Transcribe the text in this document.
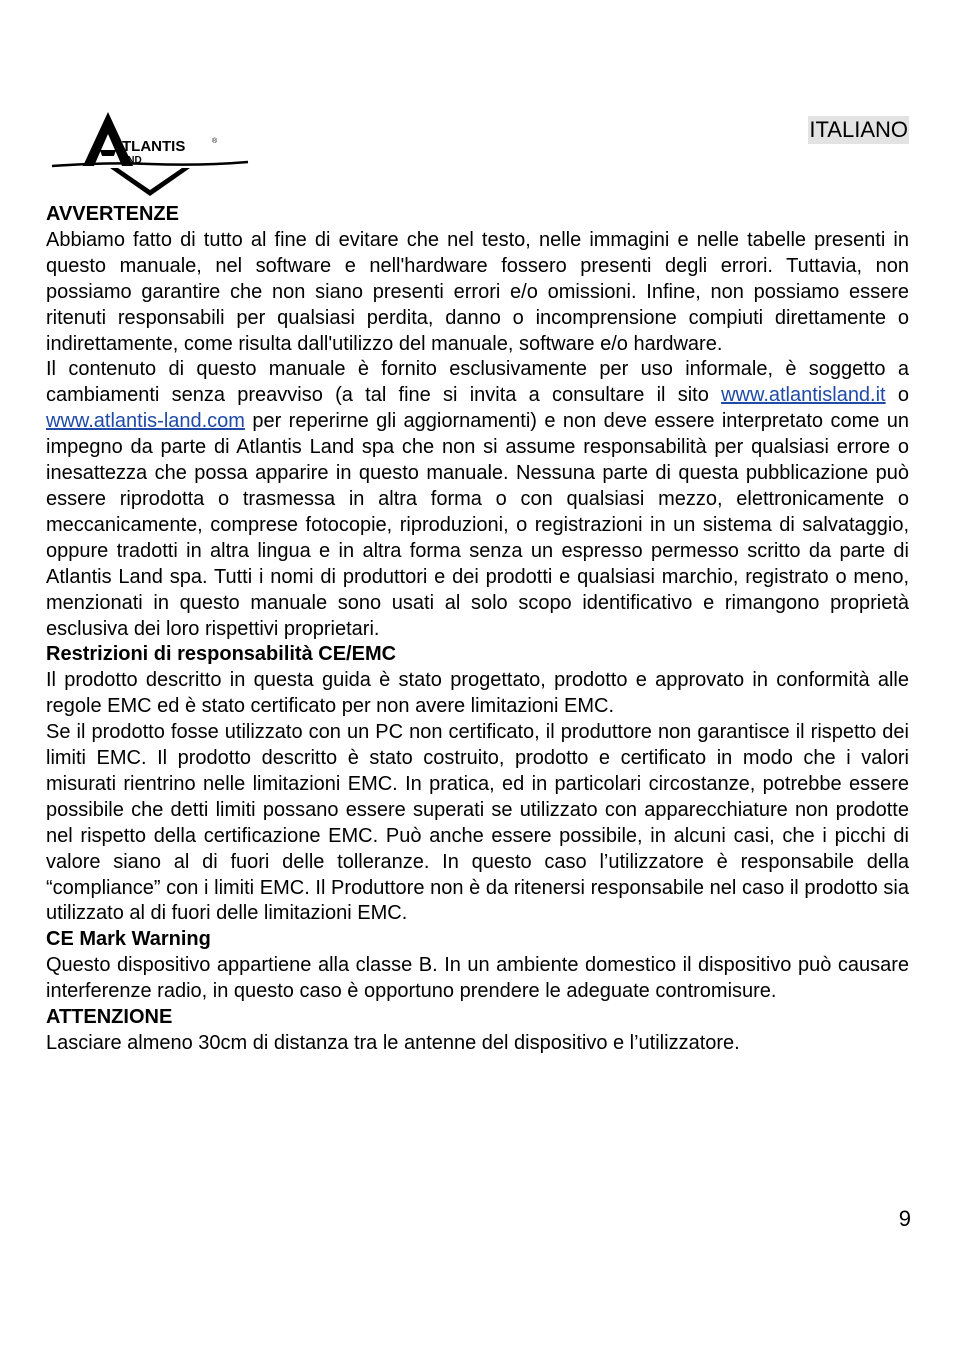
TLANTIS	®
AND
ITALIANO

AVVERTENZE

Abbiamo fatto di tutto al fine di evitare che nel testo, nelle immagini e nelle tabelle presenti in questo manuale, nel software e nell'hardware fossero presenti degli errori. Tuttavia, non possiamo garantire che non siano presenti errori e/o omissioni. Infine, non possiamo essere ritenuti responsabili per qualsiasi perdita, danno o incomprensione compiuti direttamente o indirettamente, come risulta dall'utilizzo del manuale, software e/o hardware.

Il contenuto di questo manuale è fornito esclusivamente per uso informale, è soggetto a cambiamenti senza preavviso (a tal fine si invita a consultare il sito www.atlantisland.it o www.atlantis-land.com per reperirne gli aggiornamenti) e non deve essere interpretato come un impegno da parte di Atlantis Land spa che non si assume responsabilità per qualsiasi errore o inesattezza che possa apparire in questo manuale. Nessuna parte di questa pubblicazione può essere riprodotta o trasmessa in altra forma o con qualsiasi mezzo, elettronicamente o meccanicamente, comprese fotocopie, riproduzioni, o registrazioni in un sistema di salvataggio, oppure tradotti in altra lingua e in altra forma senza un espresso permesso scritto da parte di Atlantis Land spa. Tutti i nomi di produttori e dei prodotti e qualsiasi marchio, registrato o meno, menzionati in questo manuale sono usati al solo scopo identificativo e rimangono proprietà esclusiva dei loro rispettivi proprietari.

Restrizioni di responsabilità CE/EMC

Il prodotto descritto in questa guida è stato progettato, prodotto e approvato in conformità alle regole EMC ed è stato certificato per non avere limitazioni EMC.

Se il prodotto fosse utilizzato con un PC non certificato, il produttore non garantisce il rispetto dei limiti EMC. Il prodotto descritto è stato costruito, prodotto e certificato in modo che i valori misurati rientrino nelle limitazioni EMC. In pratica, ed in particolari circostanze, potrebbe essere possibile che detti limiti possano essere superati se utilizzato con apparecchiature non prodotte nel rispetto della certificazione EMC. Può anche essere possibile, in alcuni casi, che i picchi di valore siano al di fuori delle tolleranze. In questo caso l’utilizzatore è responsabile della “compliance” con i limiti EMC. Il Produttore non è da ritenersi responsabile nel caso il prodotto sia utilizzato al di fuori delle limitazioni EMC.

CE Mark Warning

Questo dispositivo appartiene alla classe B. In un ambiente domestico il dispositivo può causare interferenze radio, in questo caso è opportuno prendere le adeguate contromisure.

ATTENZIONE

Lasciare almeno 30cm di distanza tra le antenne del dispositivo e l’utilizzatore.

9
